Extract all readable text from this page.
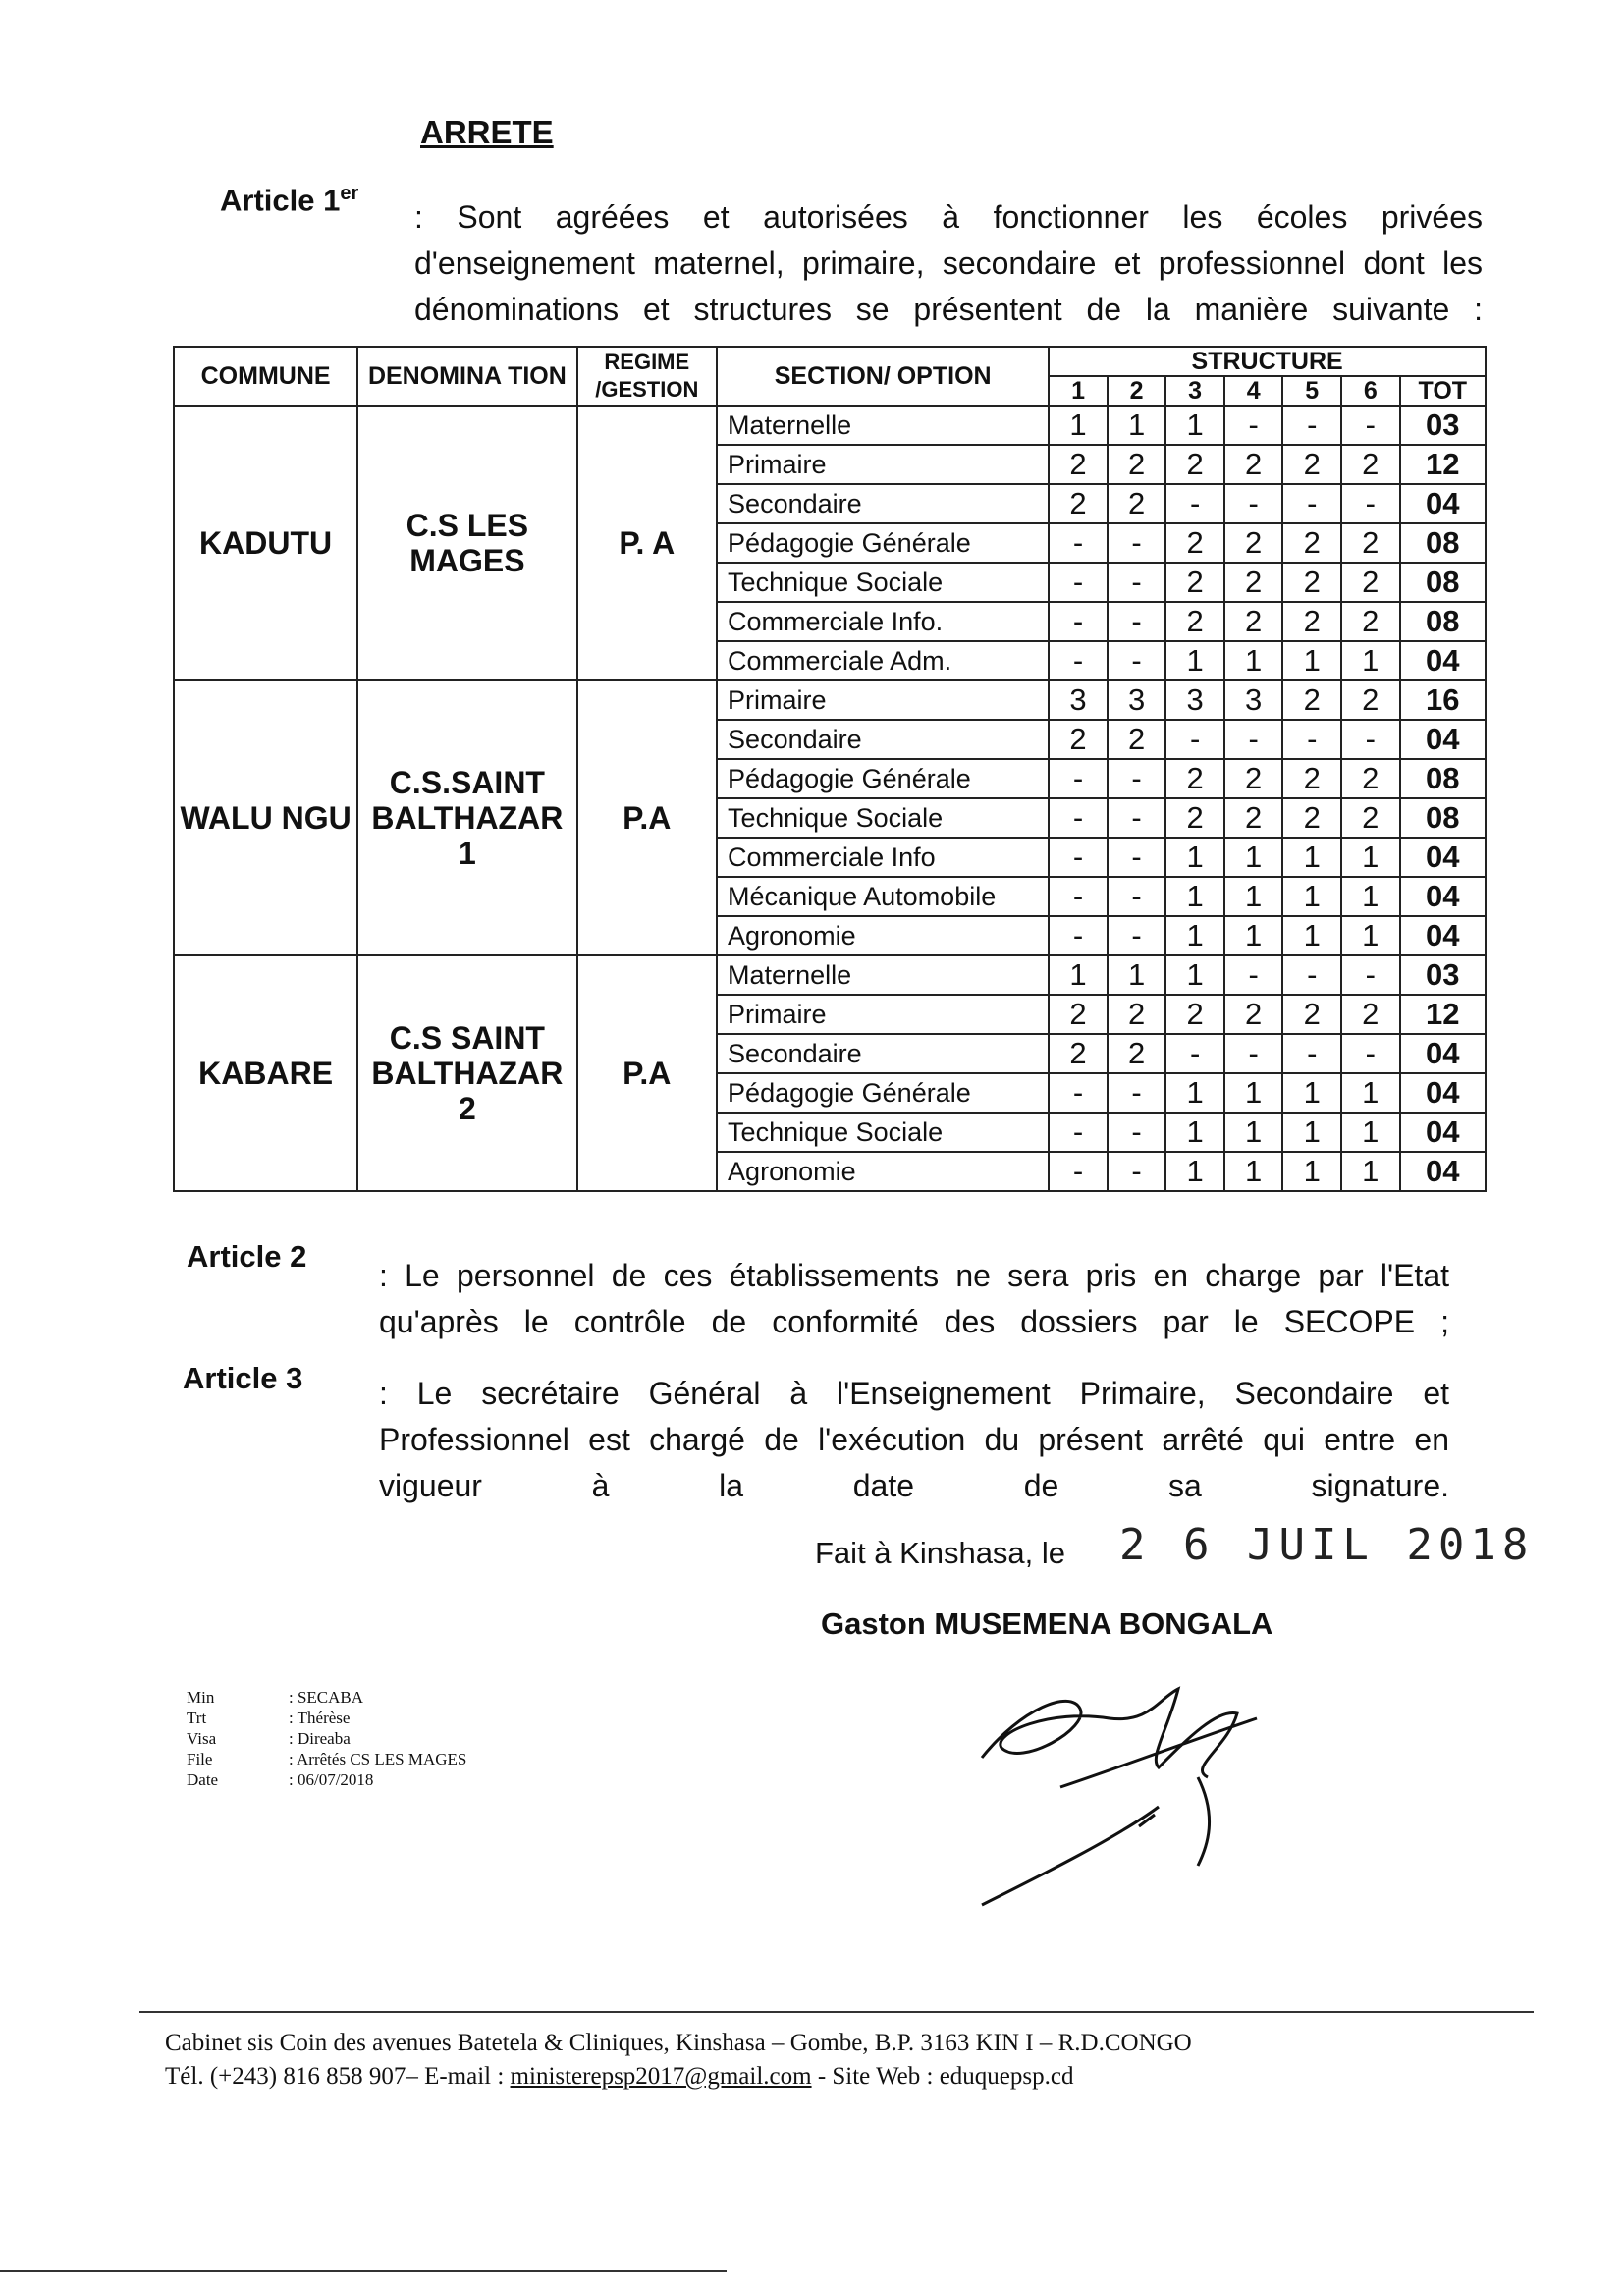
ARRETE
Article 1er
: Sont agréées et autorisées à fonctionner les écoles privées d'enseignement maternel, primaire, secondaire et professionnel dont les dénominations et structures se présentent de la manière suivante :
COMMUNE	DENOMINA TION	REGIME /GESTION	SECTION/ OPTION	STRUCTURE						
				1	2	3	4	5	6	TOT
KADUTU	C.S LES MAGES	P. A	Maternelle	1	1	1	-	-	-	03
			Primaire	2	2	2	2	2	2	12
			Secondaire	2	2	-	-	-	-	04
			Pédagogie Générale	-	-	2	2	2	2	08
			Technique Sociale	-	-	2	2	2	2	08
			Commerciale Info.	-	-	2	2	2	2	08
			Commerciale Adm.	-	-	1	1	1	1	04
WALU NGU	C.S.SAINT BALTHAZAR 1	P.A	Primaire	3	3	3	3	2	2	16
			Secondaire	2	2	-	-	-	-	04
			Pédagogie Générale	-	-	2	2	2	2	08
			Technique Sociale	-	-	2	2	2	2	08
			Commerciale Info	-	-	1	1	1	1	04
			Mécanique Automobile	-	-	1	1	1	1	04
			Agronomie	-	-	1	1	1	1	04
KABARE	C.S SAINT BALTHAZAR 2	P.A	Maternelle	1	1	1	-	-	-	03
			Primaire	2	2	2	2	2	2	12
			Secondaire	2	2	-	-	-	-	04
			Pédagogie Générale	-	-	1	1	1	1	04
			Technique Sociale	-	-	1	1	1	1	04
			Agronomie	-	-	1	1	1	1	04
Article 2
: Le personnel de ces établissements ne sera pris en charge par l'Etat qu'après le contrôle de conformité des dossiers par le SECOPE ;
Article 3 : Le secrétaire Général à l'Enseignement Primaire, Secondaire et Professionnel est chargé de l'exécution du présent arrêté qui entre en vigueur à la date de sa signature.
Fait à Kinshasa, le 2 6 JUIL 2018
Gaston MUSEMENA BONGALA
Min	: SECABA
Trt	: Thérèse
Visa	: Direaba
File	: Arrêtés CS LES MAGES
Date	: 06/07/2018
Cabinet sis Coin des avenues Batetela & Cliniques, Kinshasa – Gombe, B.P. 3163 KIN I – R.D.CONGO
Tél. (+243) 816 858 907– E-mail : ministerepsp2017@gmail.com - Site Web : eduquepsp.cd
